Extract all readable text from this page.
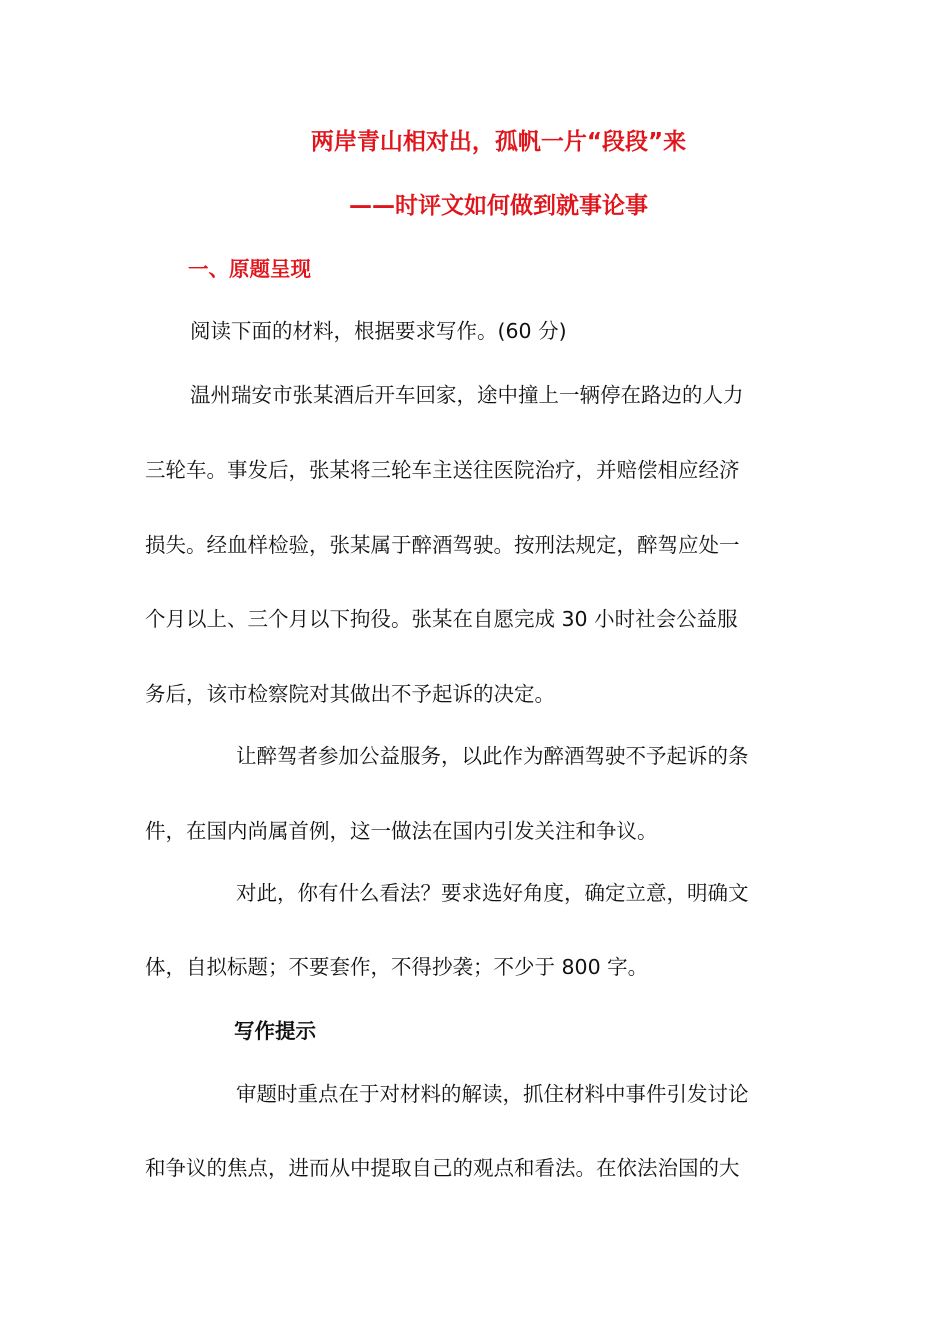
两岸青山相对出，孤帆一片“段段”来
——时评文如何做到就事论事
一、原题呈现
阅读下面的材料，根据要求写作。(60 分)
温州瑞安市张某酒后开车回家，途中撞上一辆停在路边的人力
三轮车。事发后，张某将三轮车主送往医院治疗，并赔偿相应经济
损失。经血样检验，张某属于醉酒驾驶。按刑法规定，醉驾应处一
个月以上、三个月以下拘役。张某在自愿完成 30 小时社会公益服
务后，该市检察院对其做出不予起诉的决定。
让醉驾者参加公益服务，以此作为醉酒驾驶不予起诉的条
件，在国内尚属首例，这一做法在国内引发关注和争议。
对此，你有什么看法？要求选好角度，确定立意，明确文
体，自拟标题；不要套作，不得抄袭；不少于 800 字。
写作提示
审题时重点在于对材料的解读，抓住材料中事件引发讨论
和争议的焦点，进而从中提取自己的观点和看法。在依法治国的大
